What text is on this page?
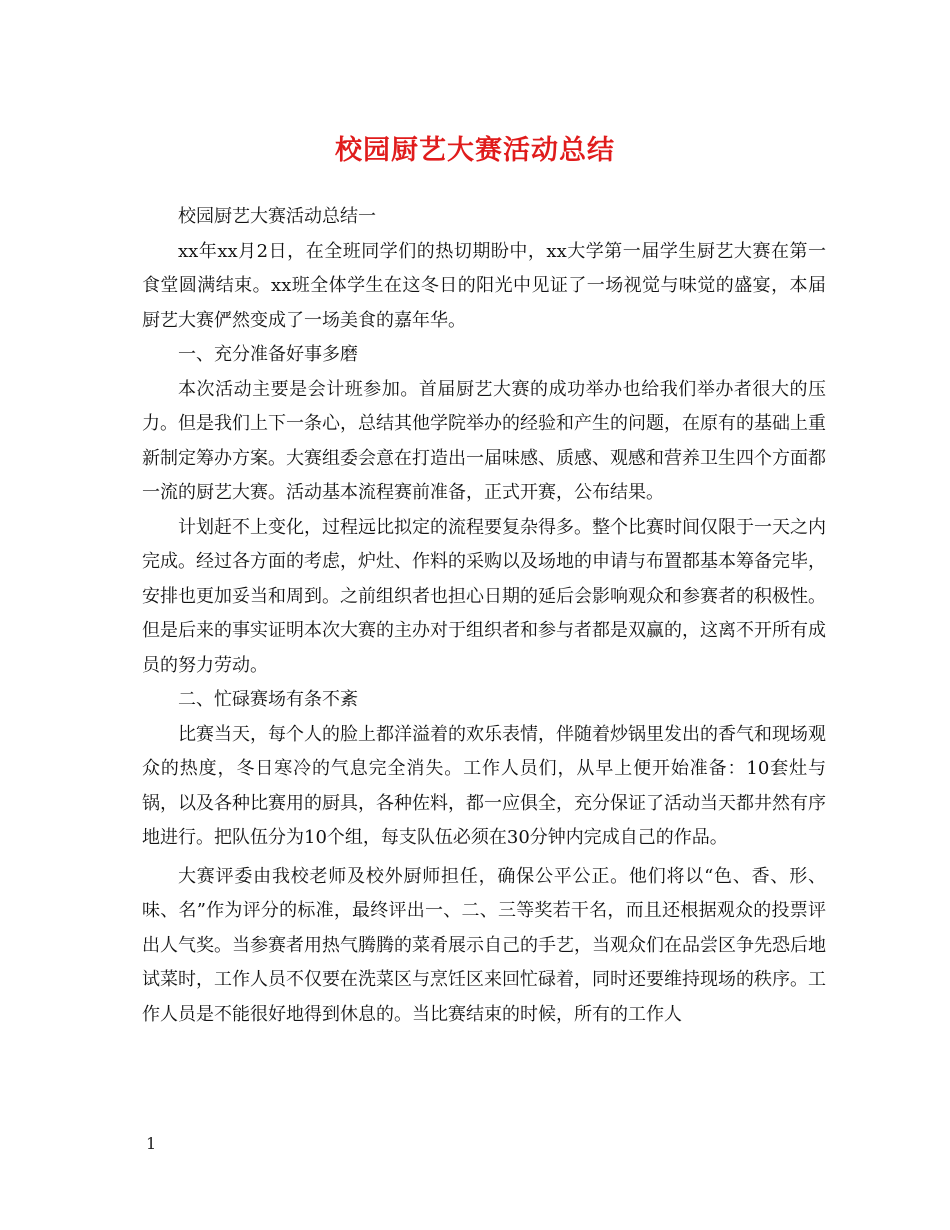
校园厨艺大赛活动总结

校园厨艺大赛活动总结一

xx年xx月2日，在全班同学们的热切期盼中，xx大学第一届学生厨艺大赛在第一食堂圆满结束。xx班全体学生在这冬日的阳光中见证了一场视觉与味觉的盛宴，本届厨艺大赛俨然变成了一场美食的嘉年华。

一、充分准备好事多磨

本次活动主要是会计班参加。首届厨艺大赛的成功举办也给我们举办者很大的压力。但是我们上下一条心，总结其他学院举办的经验和产生的问题，在原有的基础上重新制定筹办方案。大赛组委会意在打造出一届味感、质感、观感和营养卫生四个方面都一流的厨艺大赛。活动基本流程赛前准备，正式开赛，公布结果。

计划赶不上变化，过程远比拟定的流程要复杂得多。整个比赛时间仅限于一天之内完成。经过各方面的考虑，炉灶、作料的采购以及场地的申请与布置都基本筹备完毕，安排也更加妥当和周到。之前组织者也担心日期的延后会影响观众和参赛者的积极性。但是后来的事实证明本次大赛的主办对于组织者和参与者都是双赢的，这离不开所有成员的努力劳动。

二、忙碌赛场有条不紊

比赛当天，每个人的脸上都洋溢着的欢乐表情，伴随着炒锅里发出的香气和现场观众的热度，冬日寒冷的气息完全消失。工作人员们，从早上便开始准备：10套灶与锅，以及各种比赛用的厨具，各种佐料，都一应俱全，充分保证了活动当天都井然有序地进行。把队伍分为10个组，每支队伍必须在30分钟内完成自己的作品。

大赛评委由我校老师及校外厨师担任，确保公平公正。他们将以“色、香、形、味、名”作为评分的标准，最终评出一、二、三等奖若干名，而且还根据观众的投票评出人气奖。当参赛者用热气腾腾的菜肴展示自己的手艺，当观众们在品尝区争先恐后地试菜时，工作人员不仅要在洗菜区与烹饪区来回忙碌着，同时还要维持现场的秩序。工作人员是不能很好地得到休息的。当比赛结束的时候，所有的工作人

1
